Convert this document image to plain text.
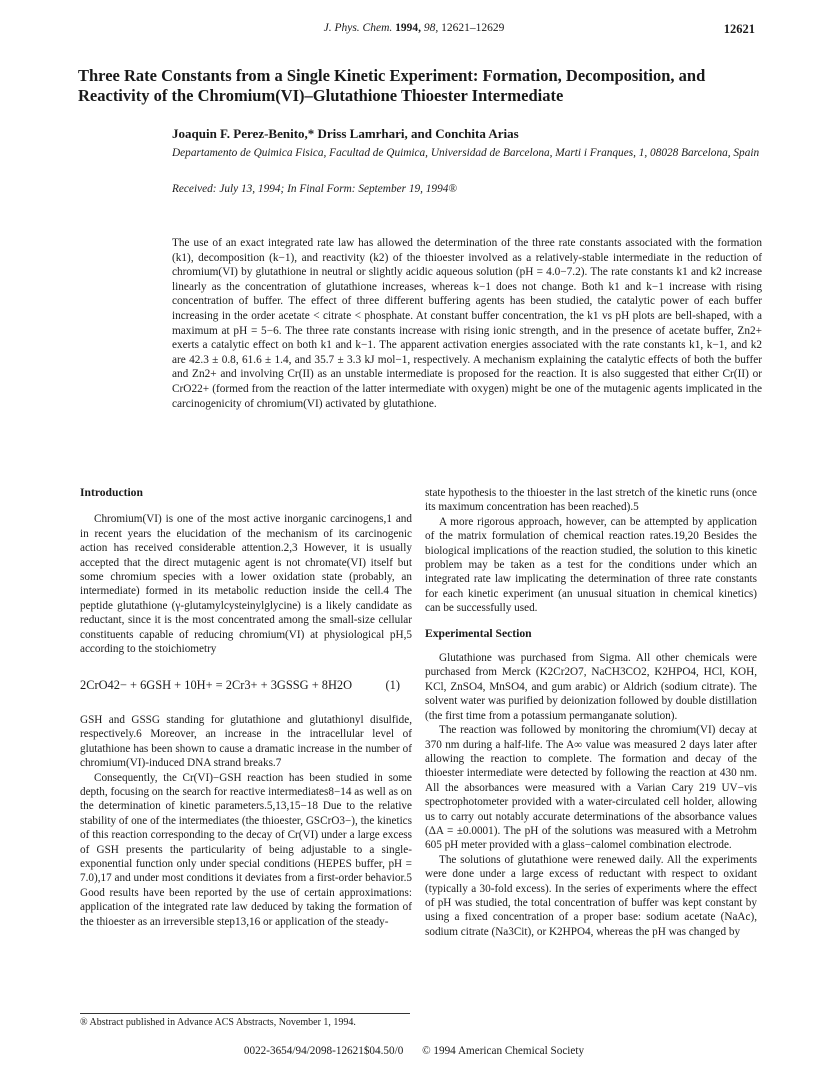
J. Phys. Chem. 1994, 98, 12621–12629	12621
Three Rate Constants from a Single Kinetic Experiment: Formation, Decomposition, and Reactivity of the Chromium(VI)–Glutathione Thioester Intermediate
Joaquin F. Perez-Benito,* Driss Lamrhari, and Conchita Arias
Departamento de Quimica Fisica, Facultad de Quimica, Universidad de Barcelona, Marti i Franques, 1, 08028 Barcelona, Spain
Received: July 13, 1994; In Final Form: September 19, 1994®
The use of an exact integrated rate law has allowed the determination of the three rate constants associated with the formation (k1), decomposition (k−1), and reactivity (k2) of the thioester involved as a relatively-stable intermediate in the reduction of chromium(VI) by glutathione in neutral or slightly acidic aqueous solution (pH = 4.0−7.2). The rate constants k1 and k2 increase linearly as the concentration of glutathione increases, whereas k−1 does not change. Both k1 and k−1 increase with rising concentration of buffer. The effect of three different buffering agents has been studied, the catalytic power of each buffer increasing in the order acetate < citrate < phosphate. At constant buffer concentration, the k1 vs pH plots are bell-shaped, with a maximum at pH = 5−6. The three rate constants increase with rising ionic strength, and in the presence of acetate buffer, Zn2+ exerts a catalytic effect on both k1 and k−1. The apparent activation energies associated with the rate constants k1, k−1, and k2 are 42.3 ± 0.8, 61.6 ± 1.4, and 35.7 ± 3.3 kJ mol−1, respectively. A mechanism explaining the catalytic effects of both the buffer and Zn2+ and involving Cr(II) as an unstable intermediate is proposed for the reaction. It is also suggested that either Cr(II) or CrO22+ (formed from the reaction of the latter intermediate with oxygen) might be one of the mutagenic agents implicated in the carcinogenicity of chromium(VI) activated by glutathione.
Introduction

Chromium(VI) is one of the most active inorganic carcinogens,1 and in recent years the elucidation of the mechanism of its carcinogenic action has received considerable attention.2,3 However, it is usually accepted that the direct mutagenic agent is not chromate(VI) itself but some chromium species with a lower oxidation state (probably, an intermediate) formed in its metabolic reduction inside the cell.4 The peptide glutathione (γ-glutamylcysteinylglycine) is a likely candidate as reductant, since it is the most concentrated among the small-size cellular constituents capable of reducing chromium(VI) at physiological pH,5 according to the stoichiometry

2CrO42− + 6GSH + 10H+ = 2Cr3+ + 3GSSG + 8H2O	(1)

GSH and GSSG standing for glutathione and glutathionyl disulfide, respectively.6 Moreover, an increase in the intracellular level of glutathione has been shown to cause a dramatic increase in the number of chromium(VI)-induced DNA strand breaks.7

Consequently, the Cr(VI)−GSH reaction has been studied in some depth, focusing on the search for reactive intermediates8−14 as well as on the determination of kinetic parameters.5,13,15−18 Due to the relative stability of one of the intermediates (the thioester, GSCrO3−), the kinetics of this reaction corresponding to the decay of Cr(VI) under a large excess of GSH presents the particularity of being adjustable to a single-exponential function only under special conditions (HEPES buffer, pH = 7.0),17 and under most conditions it deviates from a first-order behavior.5 Good results have been reported by the use of certain approximations: application of the integrated rate law deduced by taking the formation of the thioester as an irreversible step13,16 or application of the steady-

state hypothesis to the thioester in the last stretch of the kinetic runs (once its maximum concentration has been reached).5

A more rigorous approach, however, can be attempted by application of the matrix formulation of chemical reaction rates.19,20 Besides the biological implications of the reaction studied, the solution to this kinetic problem may be taken as a test for the conditions under which an integrated rate law implicating the determination of three rate constants for each kinetic experiment (an unusual situation in chemical kinetics) can be successfully used.

Experimental Section

Glutathione was purchased from Sigma. All other chemicals were purchased from Merck (K2Cr2O7, NaCH3CO2, K2HPO4, HCl, KOH, KCl, ZnSO4, MnSO4, and gum arabic) or Aldrich (sodium citrate). The solvent water was purified by deionization followed by double distillation (the first time from a potassium permanganate solution).

The reaction was followed by monitoring the chromium(VI) decay at 370 nm during a half-life. The A∞ value was measured 2 days later after allowing the reaction to complete. The formation and decay of the thioester intermediate were detected by following the reaction at 430 nm. All the absorbances were measured with a Varian Cary 219 UV−vis spectrophotometer provided with a water-circulated cell holder, allowing us to carry out notably accurate determinations of the absorbance values (ΔA = ±0.0001). The pH of the solutions was measured with a Metrohm 605 pH meter provided with a glass−calomel combination electrode.

The solutions of glutathione were renewed daily. All the experiments were done under a large excess of reductant with respect to oxidant (typically a 30-fold excess). In the series of experiments where the effect of pH was studied, the total concentration of buffer was kept constant by using a fixed concentration of a proper base: sodium acetate (NaAc), sodium citrate (Na3Cit), or K2HPO4, whereas the pH was changed by

® Abstract published in Advance ACS Abstracts, November 1, 1994.
0022-3654/94/2098-12621$04.50/0 © 1994 American Chemical Society
